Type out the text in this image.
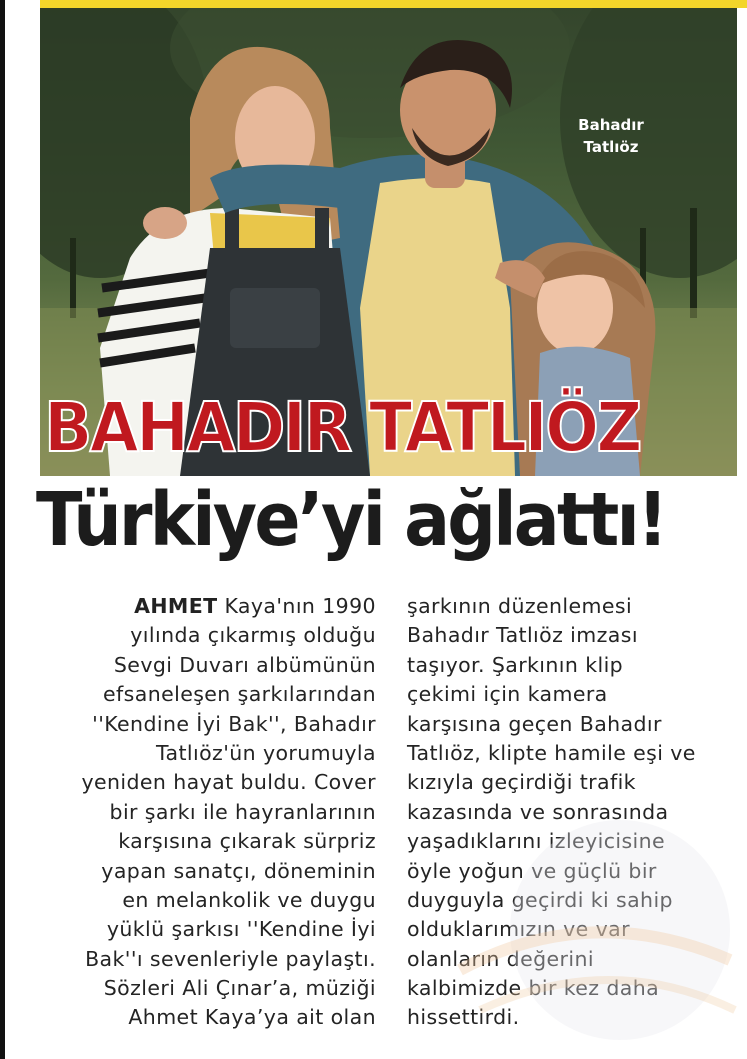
Bahadır
Tatlıöz
BAHADIR TATLIÖZ
Türkiye’yi ağlattı!
AHMET Kaya'nın 1990
yılında çıkarmış olduğu
Sevgi Duvarı albümünün
efsaneleşen şarkılarından
''Kendine İyi Bak'', Bahadır
Tatlıöz'ün yorumuyla
yeniden hayat buldu. Cover
bir şarkı ile hayranlarının
karşısına çıkarak sürpriz
yapan sanatçı, döneminin
en melankolik ve duygu
yüklü şarkısı ''Kendine İyi
Bak''ı sevenleriyle paylaştı.
Sözleri Ali Çınar’a, müziği
Ahmet Kaya’ya ait olan
şarkının düzenlemesi
Bahadır Tatlıöz imzası
taşıyor. Şarkının klip
çekimi için kamera
karşısına geçen Bahadır
Tatlıöz, klipte hamile eşi ve
kızıyla geçirdiği trafik
kazasında ve sonrasında
yaşadıklarını izleyicisine
öyle yoğun ve güçlü bir
duyguyla geçirdi ki sahip
olduklarımızın ve var
olanların değerini
kalbimizde bir kez daha
hissettirdi.
